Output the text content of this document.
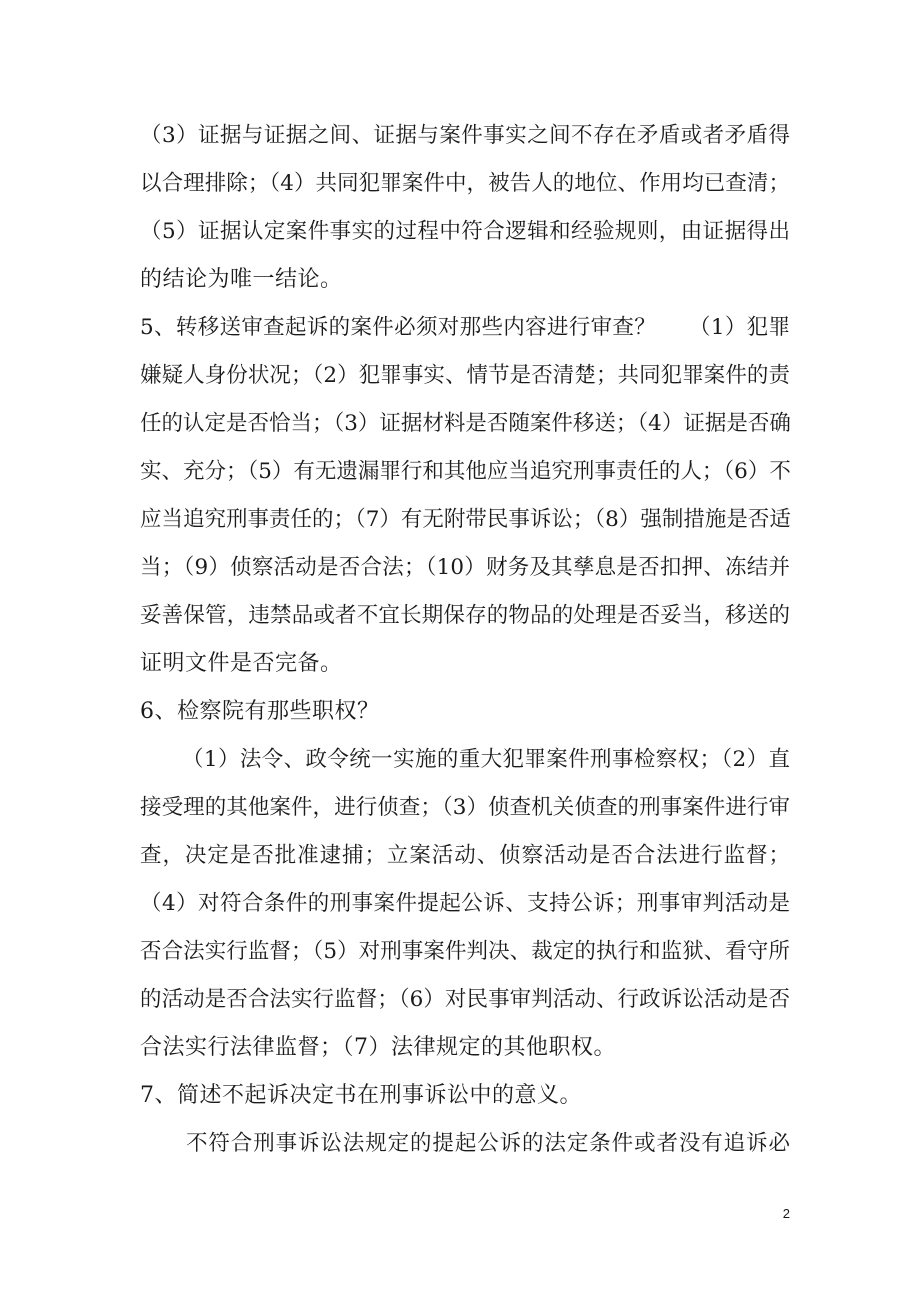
（3）证据与证据之间、证据与案件事实之间不存在矛盾或者矛盾得
以合理排除；（4）共同犯罪案件中，被告人的地位、作用均已查清；
（5）证据认定案件事实的过程中符合逻辑和经验规则，由证据得出
的结论为唯一结论。
5、转移送审查起诉的案件必须对那些内容进行审查？　　（1）犯罪
嫌疑人身份状况；（2）犯罪事实、情节是否清楚；共同犯罪案件的责
任的认定是否恰当；（3）证据材料是否随案件移送；（4）证据是否确
实、充分；（5）有无遗漏罪行和其他应当追究刑事责任的人；（6）不
应当追究刑事责任的；（7）有无附带民事诉讼；（8）强制措施是否适
当；（9）侦察活动是否合法；（10）财务及其孳息是否扣押、冻结并
妥善保管，违禁品或者不宜长期保存的物品的处理是否妥当，移送的
证明文件是否完备。
6、检察院有那些职权？
（1）法令、政令统一实施的重大犯罪案件刑事检察权；（2）直
接受理的其他案件，进行侦查；（3）侦查机关侦查的刑事案件进行审
查，决定是否批准逮捕；立案活动、侦察活动是否合法进行监督；
（4）对符合条件的刑事案件提起公诉、支持公诉；刑事审判活动是
否合法实行监督；（5）对刑事案件判决、裁定的执行和监狱、看守所
的活动是否合法实行监督；（6）对民事审判活动、行政诉讼活动是否
合法实行法律监督；（7）法律规定的其他职权。
7、简述不起诉决定书在刑事诉讼中的意义。
不符合刑事诉讼法规定的提起公诉的法定条件或者没有追诉必
2
